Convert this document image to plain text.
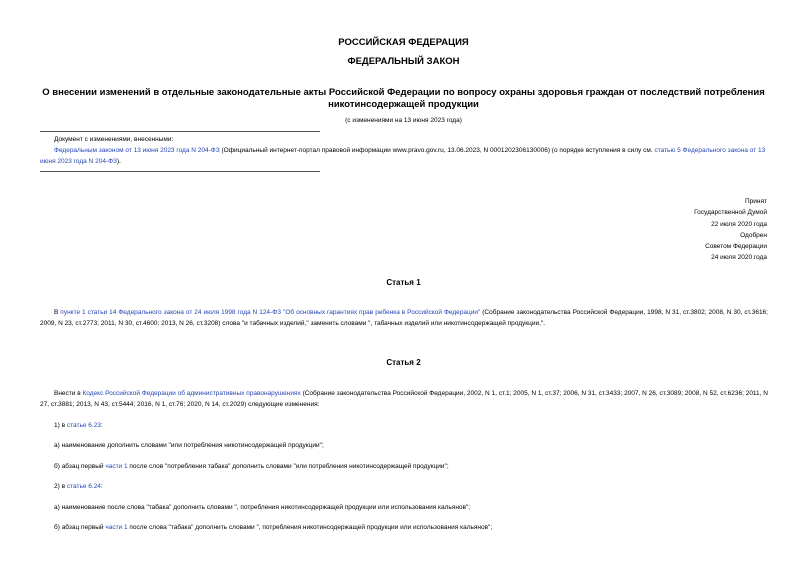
РОССИЙСКАЯ ФЕДЕРАЦИЯ
ФЕДЕРАЛЬНЫЙ ЗАКОН
О внесении изменений в отдельные законодательные акты Российской Федерации по вопросу охраны здоровья граждан от последствий потребления никотинсодержащей продукции
(с изменениями на 13 июня 2023 года)
Документ с изменениями, внесенными:
Федеральным законом от 13 июня 2023 года N 204-ФЗ (Официальный интернет-портал правовой информации www.pravo.gov.ru, 13.06.2023, N 0001202306130006) (о порядке вступления в силу см. статью 5 Федерального закона от 13 июня 2023 года N 204-ФЗ).
Принят
Государственной Думой
22 июля 2020 года
Одобрен
Советом Федерации
24 июля 2020 года
Статья 1
В пункте 1 статьи 14 Федерального закона от 24 июля 1998 года N 124-ФЗ "Об основных гарантиях прав ребенка в Российской Федерации" (Собрание законодательства Российской Федерации, 1998, N 31, ст.3802; 2008, N 30, ст.3616; 2009, N 23, ст.2773; 2011, N 30, ст.4600; 2013, N 26, ст.3208) слова "и табачных изделий," заменить словами ", табачных изделий или никотинсодержащей продукции,".
Статья 2
Внести в Кодекс Российской Федерации об административных правонарушениях (Собрание законодательства Российской Федерации, 2002, N 1, ст.1; 2005, N 1, ст.37; 2006, N 31, ст.3433; 2007, N 26, ст.3089; 2008, N 52, ст.6236; 2011, N 27, ст.3881; 2013, N 43, ст.5444; 2016, N 1, ст.76; 2020, N 14, ст.2029) следующие изменения:
1) в статье 6.23:
а) наименование дополнить словами "или потребления никотинсодержащей продукции";
б) абзац первый части 1 после слов "потребления табака" дополнить словами "или потребления никотинсодержащей продукции";
2) в статье 6.24:
а) наименование после слова "табака" дополнить словами ", потребления никотинсодержащей продукции или использования кальянов";
б) абзац первый части 1 после слова "табака" дополнить словами ", потребления никотинсодержащей продукции или использования кальянов";
